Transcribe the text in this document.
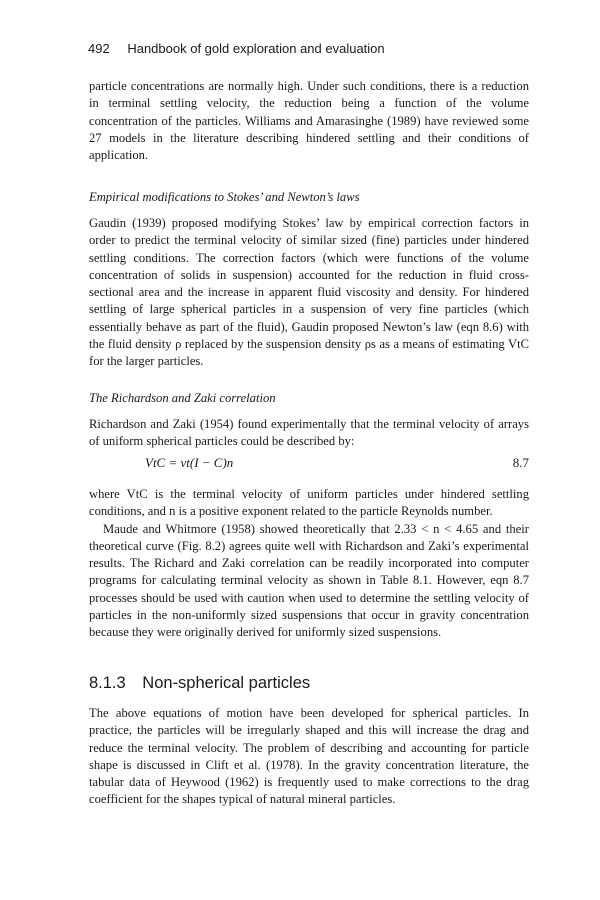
492 Handbook of gold exploration and evaluation

particle concentrations are normally high. Under such conditions, there is a reduction in terminal settling velocity, the reduction being a function of the volume concentration of the particles. Williams and Amarasinghe (1989) have reviewed some 27 models in the literature describing hindered settling and their conditions of application.

Empirical modifications to Stokes’ and Newton’s laws

Gaudin (1939) proposed modifying Stokes’ law by empirical correction factors in order to predict the terminal velocity of similar sized (fine) particles under hindered settling conditions. The correction factors (which were functions of the volume concentration of solids in suspension) accounted for the reduction in fluid cross-sectional area and the increase in apparent fluid viscosity and density. For hindered settling of large spherical particles in a suspension of very fine particles (which essentially behave as part of the fluid), Gaudin proposed Newton’s law (eqn 8.6) with the fluid density ρ replaced by the suspension density ρs as a means of estimating VtC for the larger particles.

The Richardson and Zaki correlation

Richardson and Zaki (1954) found experimentally that the terminal velocity of arrays of uniform spherical particles could be described by:

VtC = vt(I − C)n	8.7

where VtC is the terminal velocity of uniform particles under hindered settling conditions, and n is a positive exponent related to the particle Reynolds number.

Maude and Whitmore (1958) showed theoretically that 2.33 < n < 4.65 and their theoretical curve (Fig. 8.2) agrees quite well with Richardson and Zaki’s experimental results. The Richard and Zaki correlation can be readily incorporated into computer programs for calculating terminal velocity as shown in Table 8.1. However, eqn 8.7 processes should be used with caution when used to determine the settling velocity of particles in the non-uniformly sized suspensions that occur in gravity concentration because they were originally derived for uniformly sized suspensions.

8.1.3 Non-spherical particles

The above equations of motion have been developed for spherical particles. In practice, the particles will be irregularly shaped and this will increase the drag and reduce the terminal velocity. The problem of describing and accounting for particle shape is discussed in Clift et al. (1978). In the gravity concentration literature, the tabular data of Heywood (1962) is frequently used to make corrections to the drag coefficient for the shapes typical of natural mineral particles.
